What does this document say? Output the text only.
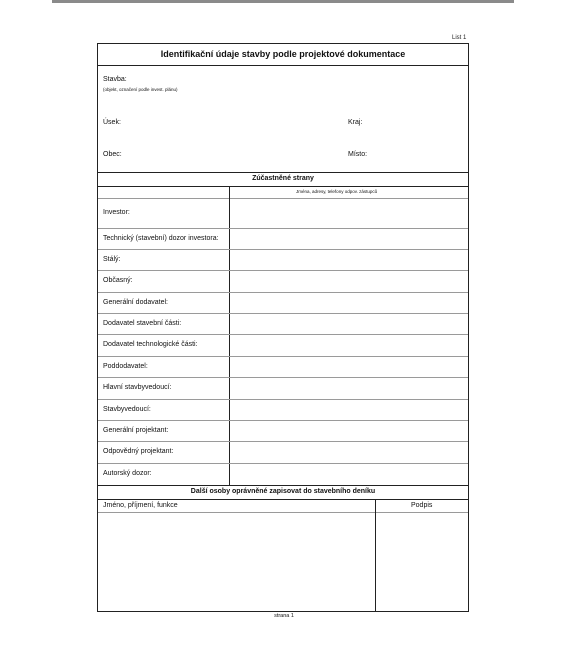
List 1
Identifikační údaje stavby podle projektové dokumentace
Stavba:
(objekt, označení podle invest. plánu)
Úsek:	Kraj:
Obec:	Místo:
Zúčastněné strany
Jména, adresy, telefony odpov. zástupců
Investor:
Technický (stavební) dozor investora:
Stálý:
Občasný:
Generální dodavatel:
Dodavatel stavební části:
Dodavatel technologické části:
Poddodavatel:
Hlavní stavbyvedoucí:
Stavbyvedoucí:
Generální projektant:
Odpovědný projektant:
Autorský dozor:
Další osoby oprávněné zapisovat do stavebního deníku
Jméno, příjmení, funkce	Podpis
strana 1
